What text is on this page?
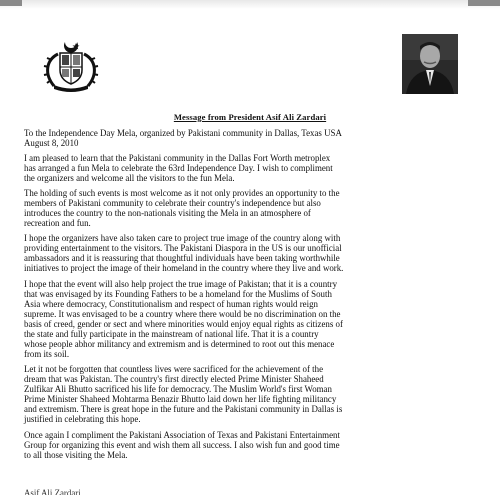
Message from President Asif Ali Zardari
To the Independence Day Mela, organized by Pakistani community in Dallas, Texas USA
August 8, 2010
I am pleased to learn that the Pakistani community in the Dallas Fort Worth metroplex
has arranged a fun Mela to celebrate the 63rd Independence Day. I wish to compliment
the organizers and welcome all the visitors to the fun Mela.
The holding of such events is most welcome as it not only provides an opportunity to the
members of Pakistani community to celebrate their country's independence but also
introduces the country to the non-nationals visiting the Mela in an atmosphere of
recreation and fun.
I hope the organizers have also taken care to project true image of the country along with
providing entertainment to the visitors. The Pakistani Diaspora in the US is our unofficial
ambassadors and it is reassuring that thoughtful individuals have been taking worthwhile
initiatives to project the image of their homeland in the country where they live and work.
I hope that the event will also help project the true image of Pakistan; that it is a country
that was envisaged by its Founding Fathers to be a homeland for the Muslims of South
Asia where democracy, Constitutionalism and respect of human rights would reign
supreme. It was envisaged to be a country where there would be no discrimination on the
basis of creed, gender or sect and where minorities would enjoy equal rights as citizens of
the state and fully participate in the mainstream of national life. That it is a country
whose people abhor militancy and extremism and is determined to root out this menace
from its soil.
Let it not be forgotten that countless lives were sacrificed for the achievement of the
dream that was Pakistan. The country's first directly elected Prime Minister Shaheed
Zulfikar Ali Bhutto sacrificed his life for democracy. The Muslim World's first Woman
Prime Minister Shaheed Mohtarma Benazir Bhutto laid down her life fighting militancy
and extremism. There is great hope in the future and the Pakistani community in Dallas is
justified in celebrating this hope.
Once again I compliment the Pakistani Association of Texas and Pakistani Entertainment
Group for organizing this event and wish them all success. I also wish fun and good time
to all those visiting the Mela.
Asif Ali Zardari
